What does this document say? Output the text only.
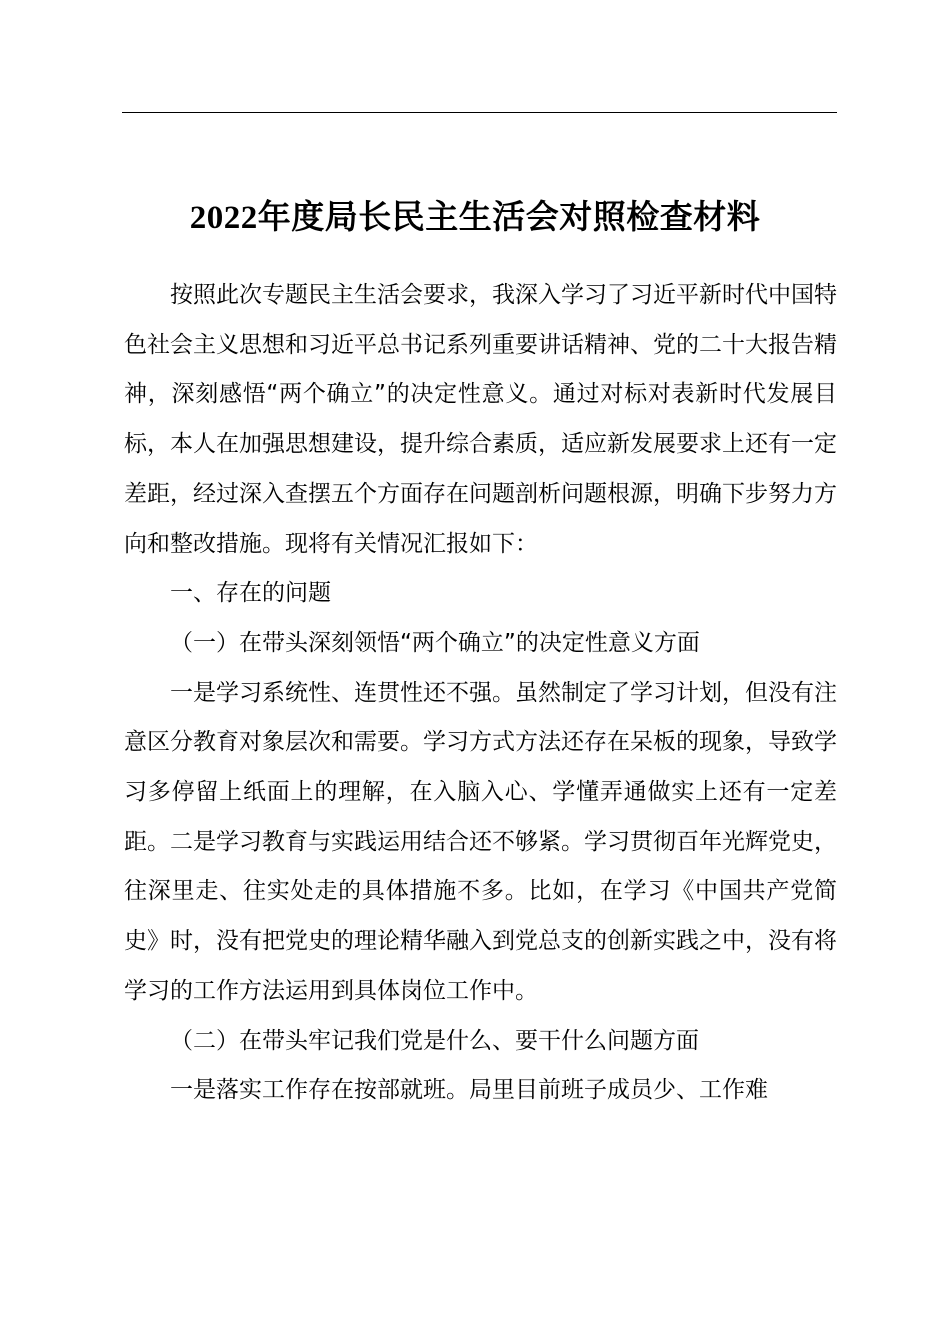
2022年度局长民主生活会对照检查材料

按照此次专题民主生活会要求，我深入学习了习近平新时代中国特色社会主义思想和习近平总书记系列重要讲话精神、党的二十大报告精神，深刻感悟“两个确立”的决定性意义。通过对标对表新时代发展目标，本人在加强思想建设，提升综合素质，适应新发展要求上还有一定差距，经过深入查摆五个方面存在问题剖析问题根源，明确下步努力方向和整改措施。现将有关情况汇报如下：

一、存在的问题

（一）在带头深刻领悟“两个确立”的决定性意义方面

一是学习系统性、连贯性还不强。虽然制定了学习计划，但没有注意区分教育对象层次和需要。学习方式方法还存在呆板的现象，导致学习多停留上纸面上的理解，在入脑入心、学懂弄通做实上还有一定差距。二是学习教育与实践运用结合还不够紧。学习贯彻百年光辉党史，往深里走、往实处走的具体措施不多。比如，在学习《中国共产党简史》时，没有把党史的理论精华融入到党总支的创新实践之中，没有将学习的工作方法运用到具体岗位工作中。

（二）在带头牢记我们党是什么、要干什么问题方面

一是落实工作存在按部就班。局里目前班子成员少、工作难
